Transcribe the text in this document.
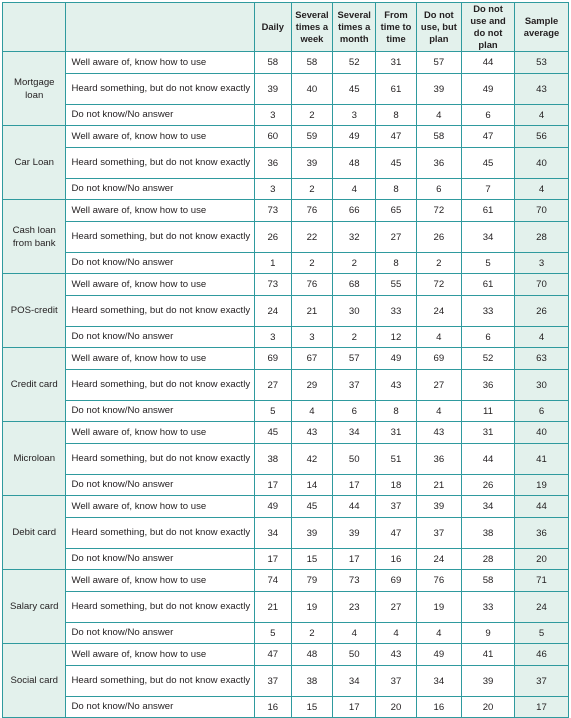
		Daily	Several times a week	Several times a month	From time to time	Do not use, but plan	Do not use and do not plan	Sample average
Mortgage loan	Well aware of, know how to use	58	58	52	31	57	44	53
	Heard something, but do not know exactly	39	40	45	61	39	49	43
	Do not know/No answer	3	2	3	8	4	6	4
Car Loan	Well aware of, know how to use	60	59	49	47	58	47	56
	Heard something, but do not know exactly	36	39	48	45	36	45	40
	Do not know/No answer	3	2	4	8	6	7	4
Cash loan from bank	Well aware of, know how to use	73	76	66	65	72	61	70
	Heard something, but do not know exactly	26	22	32	27	26	34	28
	Do not know/No answer	1	2	2	8	2	5	3
POS-credit	Well aware of, know how to use	73	76	68	55	72	61	70
	Heard something, but do not know exactly	24	21	30	33	24	33	26
	Do not know/No answer	3	3	2	12	4	6	4
Credit card	Well aware of, know how to use	69	67	57	49	69	52	63
	Heard something, but do not know exactly	27	29	37	43	27	36	30
	Do not know/No answer	5	4	6	8	4	11	6
Microloan	Well aware of, know how to use	45	43	34	31	43	31	40
	Heard something, but do not know exactly	38	42	50	51	36	44	41
	Do not know/No answer	17	14	17	18	21	26	19
Debit card	Well aware of, know how to use	49	45	44	37	39	34	44
	Heard something, but do not know exactly	34	39	39	47	37	38	36
	Do not know/No answer	17	15	17	16	24	28	20
Salary card	Well aware of, know how to use	74	79	73	69	76	58	71
	Heard something, but do not know exactly	21	19	23	27	19	33	24
	Do not know/No answer	5	2	4	4	4	9	5
Social card	Well aware of, know how to use	47	48	50	43	49	41	46
	Heard something, but do not know exactly	37	38	34	37	34	39	37
	Do not know/No answer	16	15	17	20	16	20	17
